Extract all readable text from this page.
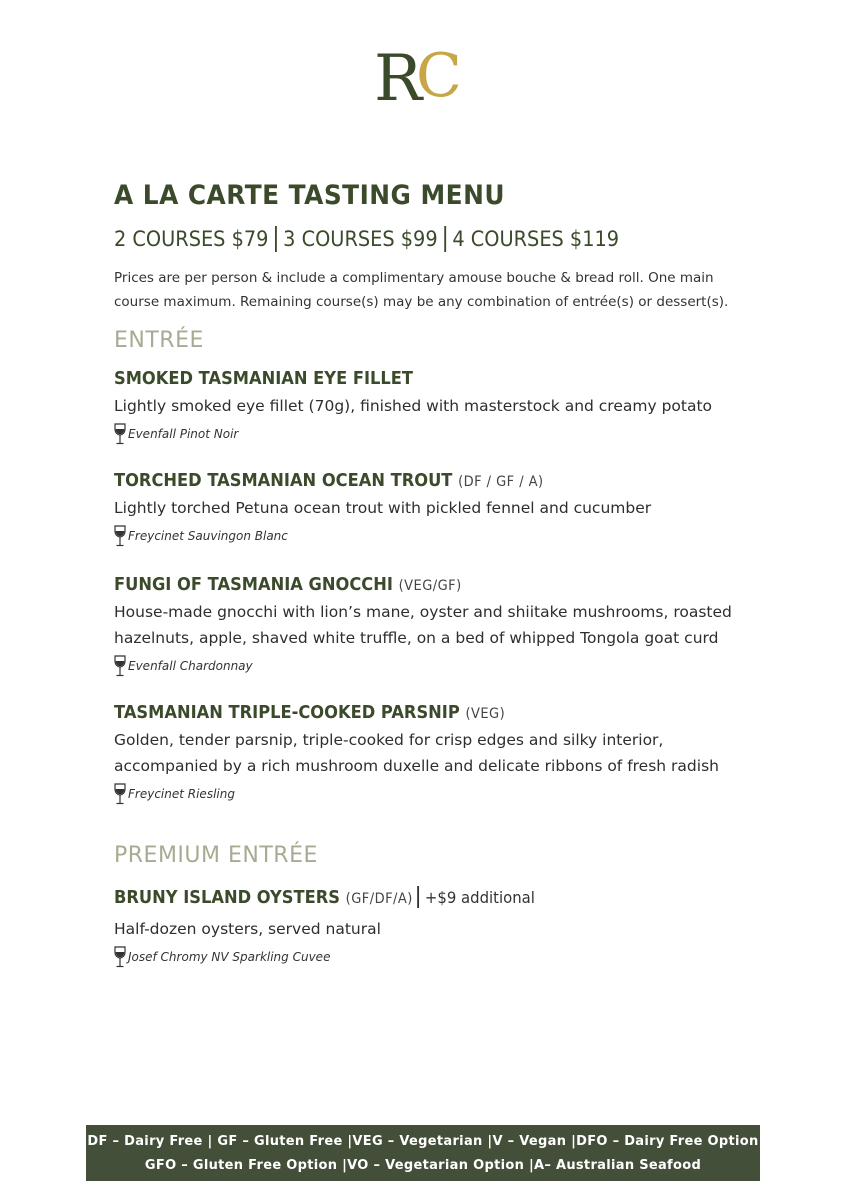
R
C
A LA CARTE TASTING MENU

2 COURSES $79 3 COURSES $99 4 COURSES $119

Prices are per person & include a complimentary amouse bouche & bread roll. One main course maximum. Remaining course(s) may be any combination of entrée(s) or dessert(s).

ENTRÉE

SMOKED TASMANIAN EYE FILLET

Lightly smoked eye fillet (70g), finished with masterstock and creamy potato

Evenfall Pinot Noir

TORCHED TASMANIAN OCEAN TROUT (DF / GF / A)

Lightly torched Petuna ocean trout with pickled fennel and cucumber

Freycinet Sauvingon Blanc

FUNGI OF TASMANIA GNOCCHI (VEG/GF)

House-made gnocchi with lion’s mane, oyster and shiitake mushrooms, roasted hazelnuts, apple, shaved white truffle, on a bed of whipped Tongola goat curd

Evenfall Chardonnay

TASMANIAN TRIPLE-COOKED PARSNIP (VEG)

Golden, tender parsnip, triple-cooked for crisp edges and silky interior, accompanied by a rich mushroom duxelle and delicate ribbons of fresh radish

Freycinet Riesling
PREMIUM ENTRÉE

BRUNY ISLAND OYSTERS (GF/DF/A) +$9 additional

Half-dozen oysters, served natural

Josef Chromy NV Sparkling Cuvee
DF – Dairy Free | GF – Gluten Free |VEG – Vegetarian |V – Vegan |DFO – Dairy Free Option
GFO – Gluten Free Option |VO – Vegetarian Option |A– Australian Seafood
